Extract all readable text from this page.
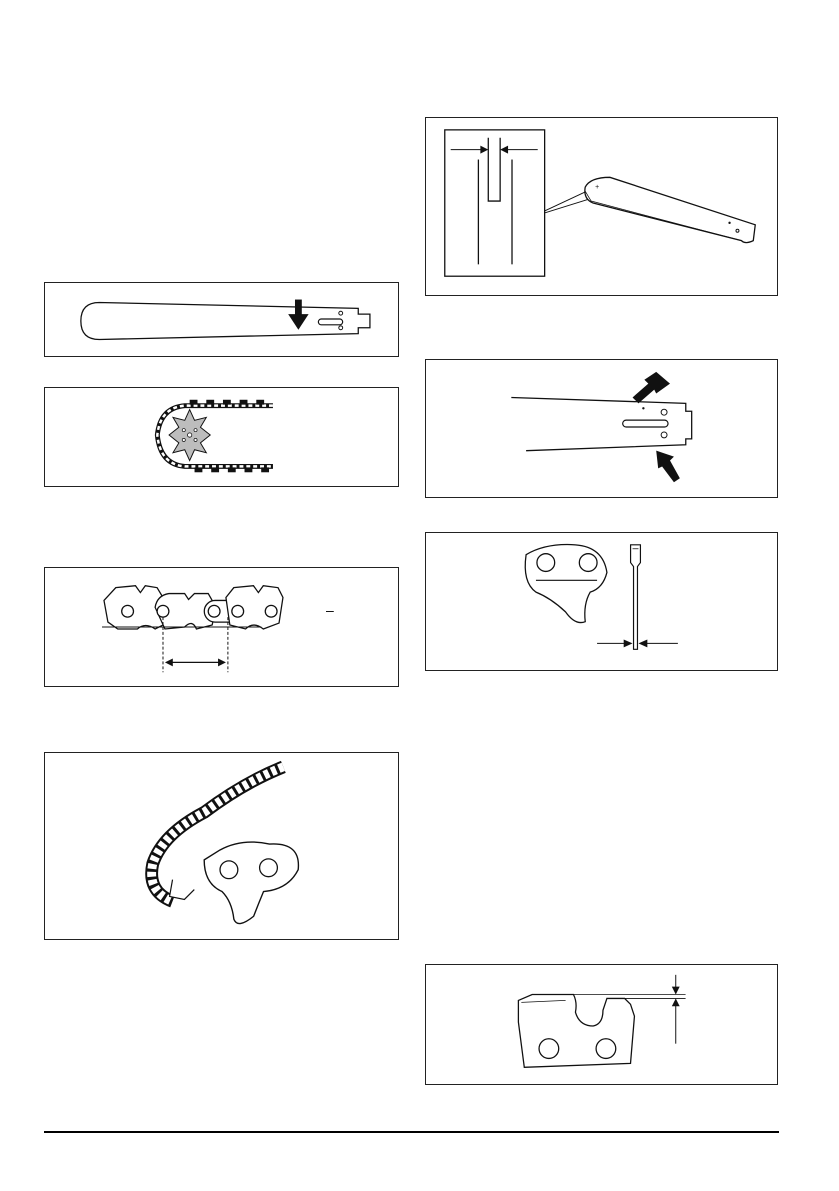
–
+
